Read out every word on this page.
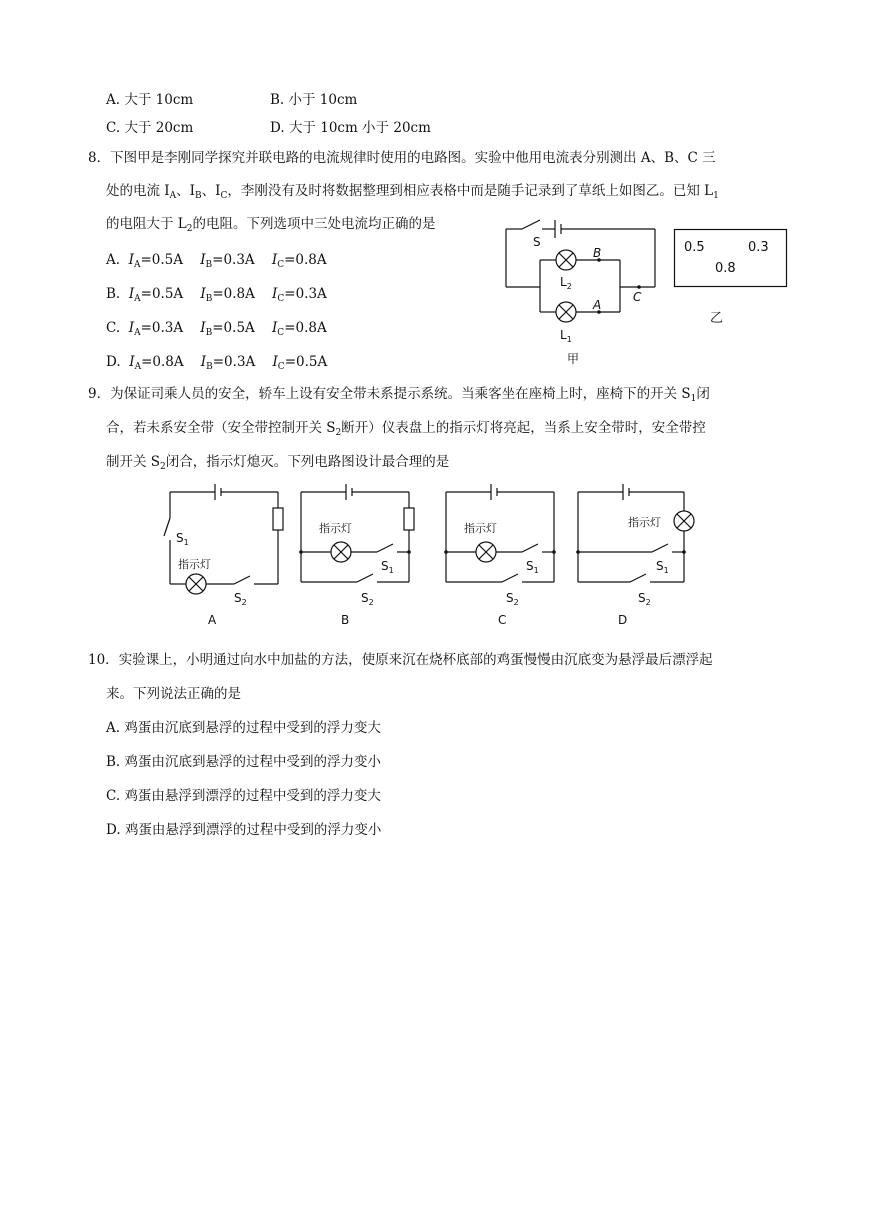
A. 大于 10cm	B. 小于 10cm
C. 大于 20cm	D. 大于 10cm 小于 20cm
8．下图甲是李刚同学探究并联电路的电流规律时使用的电路图。实验中他用电流表分别测出 A、B、C 三
处的电流 $I_A$、$I_B$、$I_C$，李刚没有及时将数据整理到相应表格中而是随手记录到了草纸上如图乙。已知 $L_1$
的电阻大于 $L_2$的电阻。下列选项中三处电流均正确的是
A. $I_A=0.5A$ $I_B=0.3A$ $I_C=0.8A$
B. $I_A=0.5A$ $I_B=0.8A$ $I_C=0.3A$
C. $I_A=0.3A$ $I_B=0.5A$ $I_C=0.8A$
D. $I_A=0.8A$ $I_B=0.3A$ $I_C=0.5A$
S
B
A
C
$L_2$
$L_1$
甲
0.5	0.3
0.8
乙
9．为保证司乘人员的安全，轿车上设有安全带未系提示系统。当乘客坐在座椅上时，座椅下的开关 $S_1$闭
合，若未系安全带（安全带控制开关 $S_2$断开）仪表盘上的指示灯将亮起，当系上安全带时，安全带控
制开关 $S_2$闭合，指示灯熄灭。下列电路图设计最合理的是
$S_1$
指示灯
$S_2$
A
指示灯
$S_1$
$S_2$
B
指示灯
$S_1$
$S_2$
C
指示灯
$S_1$
$S_2$
D
10．实验课上，小明通过向水中加盐的方法，使原来沉在烧杯底部的鸡蛋慢慢由沉底变为悬浮最后漂浮起
来。下列说法正确的是
A. 鸡蛋由沉底到悬浮的过程中受到的浮力变大
B. 鸡蛋由沉底到悬浮的过程中受到的浮力变小
C. 鸡蛋由悬浮到漂浮的过程中受到的浮力变大
D. 鸡蛋由悬浮到漂浮的过程中受到的浮力变小
